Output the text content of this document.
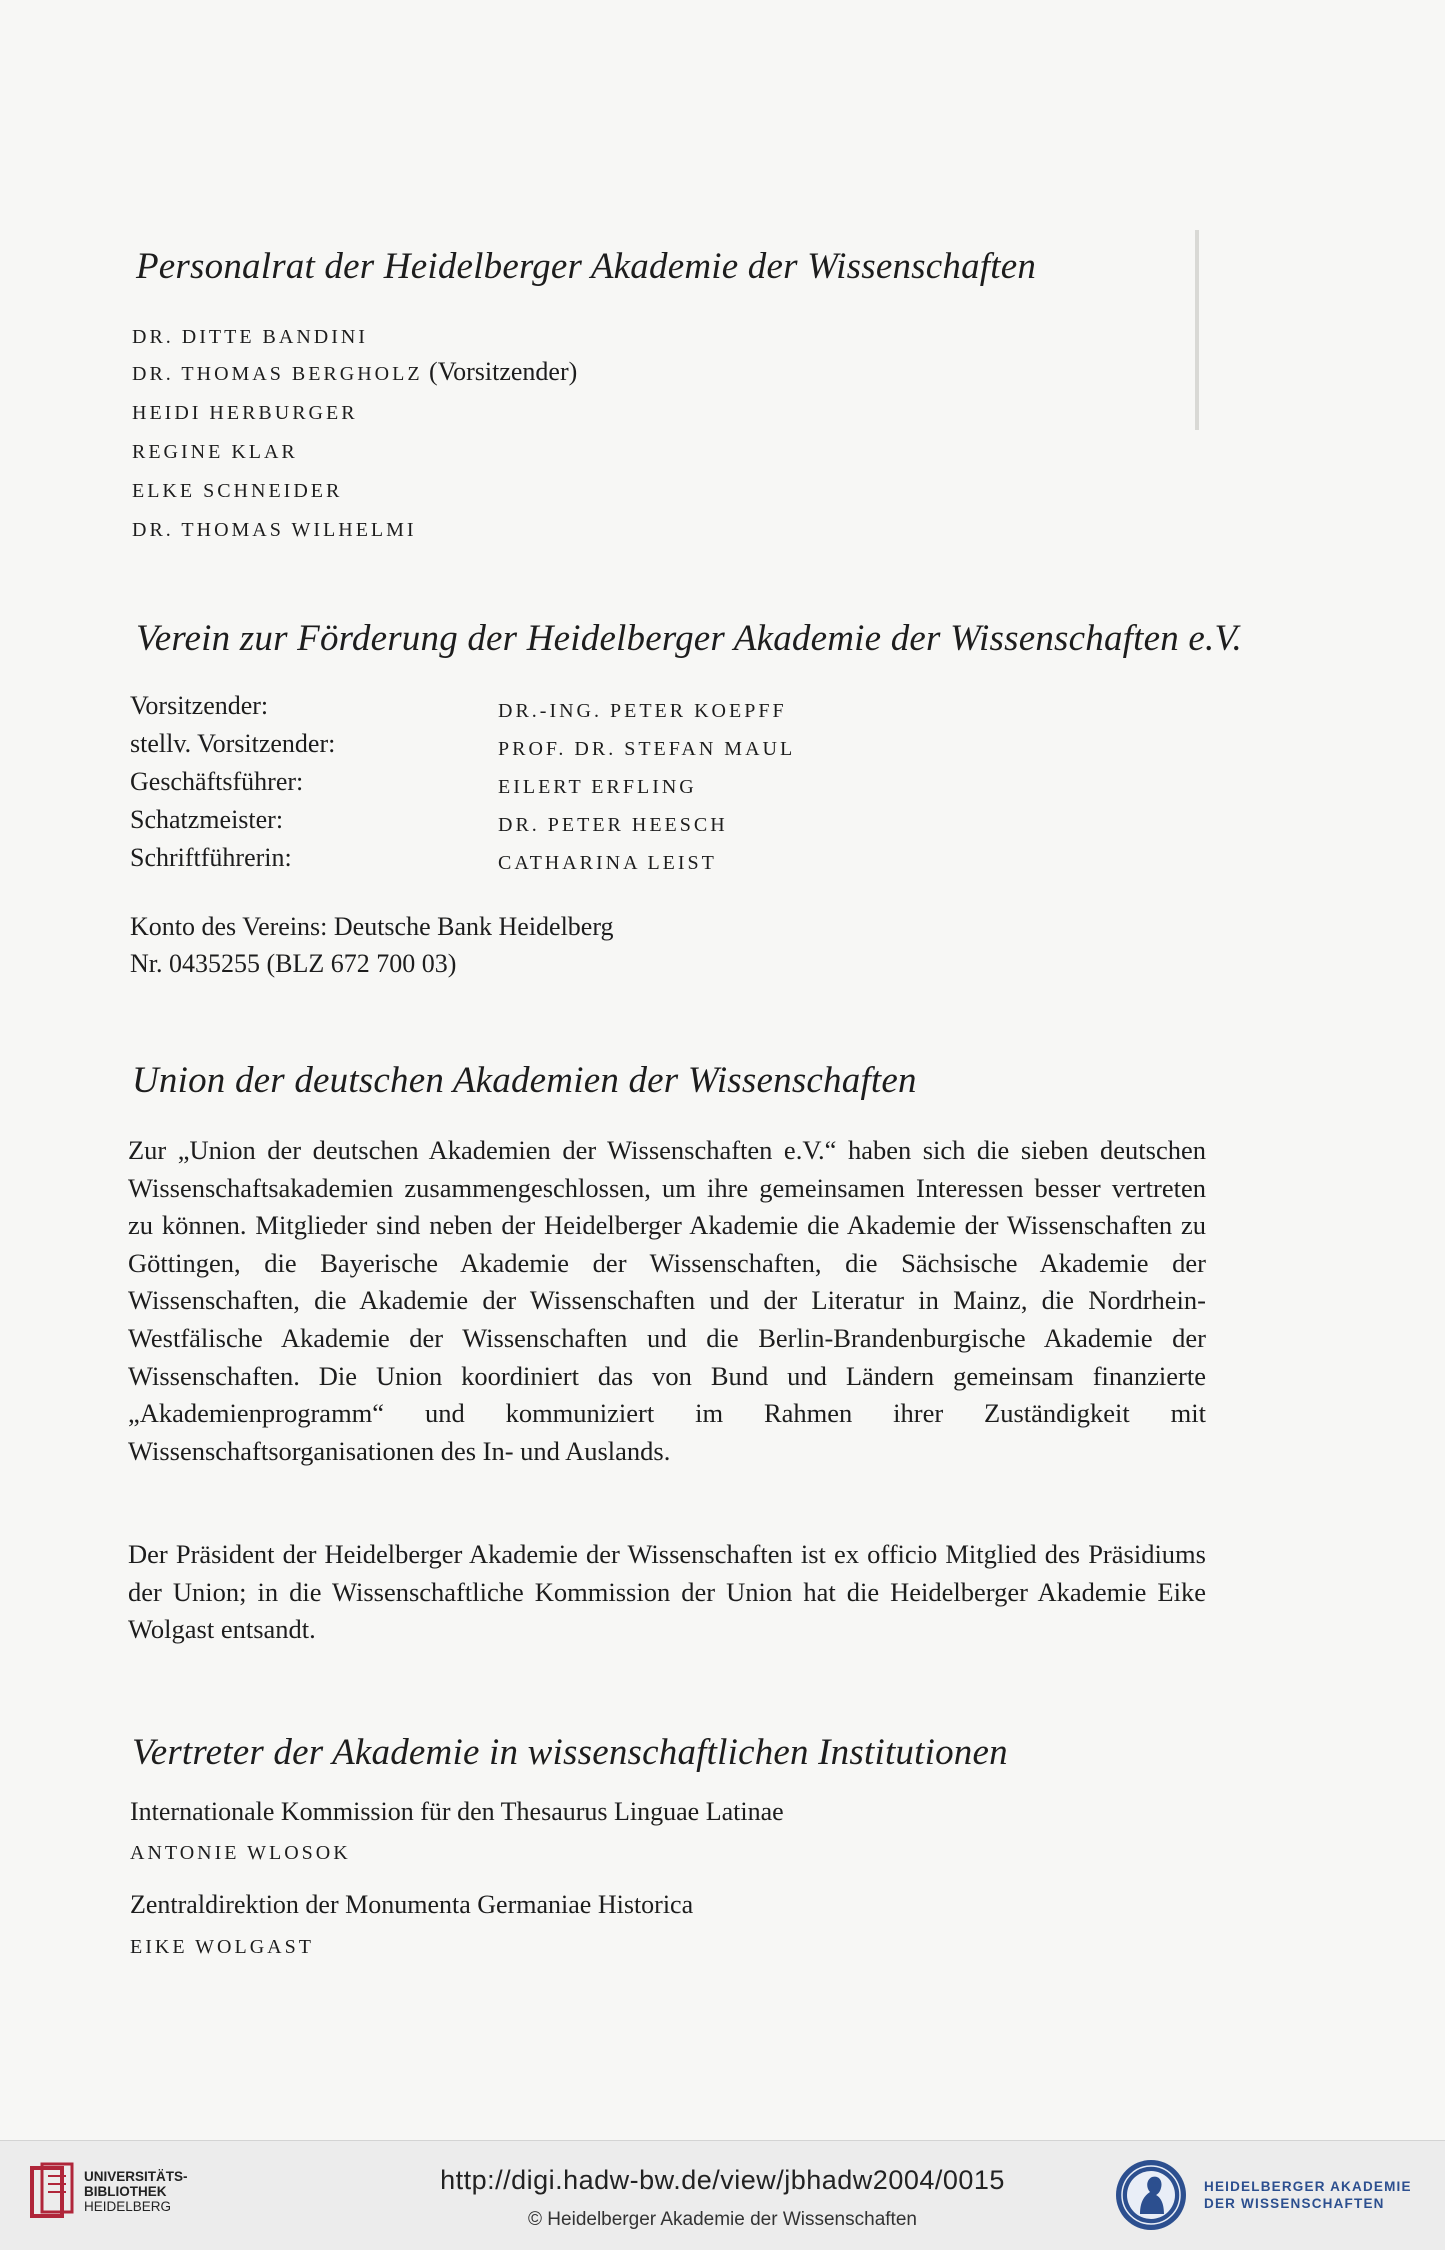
Personalrat der Heidelberger Akademie der Wissenschaften
DR. DITTE BANDINI
DR. THOMAS BERGHOLZ (Vorsitzender)
HEIDI HERBURGER
REGINE KLAR
ELKE SCHNEIDER
DR. THOMAS WILHELMI
Verein zur Förderung der Heidelberger Akademie der Wissenschaften e.V.
Vorsitzender:	DR.-ING. PETER KOEPFF
stellv. Vorsitzender:	PROF. DR. STEFAN MAUL
Geschäftsführer:	EILERT ERFLING
Schatzmeister:	DR. PETER HEESCH
Schriftführerin:	CATHARINA LEIST
Konto des Vereins: Deutsche Bank Heidelberg
Nr. 0435255 (BLZ 672 700 03)
Union der deutschen Akademien der Wissenschaften

Zur „Union der deutschen Akademien der Wissenschaften e.V.“ haben sich die sieben deutschen Wissenschaftsakademien zusammengeschlossen, um ihre gemeinsamen Interessen besser vertreten zu können. Mitglieder sind neben der Heidelberger Akademie die Akademie der Wissenschaften zu Göttingen, die Bayerische Akademie der Wissenschaften, die Sächsische Akademie der Wissenschaften, die Akademie der Wissenschaften und der Literatur in Mainz, die Nordrhein-Westfälische Akademie der Wissenschaften und die Berlin-Brandenburgische Akademie der Wissenschaften. Die Union koordiniert das von Bund und Ländern gemeinsam finanzierte „Akademienprogramm“ und kommuniziert im Rahmen ihrer Zuständigkeit mit Wissenschaftsorganisationen des In- und Auslands.

Der Präsident der Heidelberger Akademie der Wissenschaften ist ex officio Mitglied des Präsidiums der Union; in die Wissenschaftliche Kommission der Union hat die Heidelberger Akademie Eike Wolgast entsandt.

Vertreter der Akademie in wissenschaftlichen Institutionen
Internationale Kommission für den Thesaurus Linguae Latinae
ANTONIE WLOSOK
Zentraldirektion der Monumenta Germaniae Historica
EIKE WOLGAST
UNIVERSITÄTS-
BIBLIOTHEK
HEIDELBERG
http://digi.hadw-bw.de/view/jbhadw2004/0015
© Heidelberger Akademie der Wissenschaften
HEIDELBERGER AKADEMIE
DER WISSENSCHAFTEN
